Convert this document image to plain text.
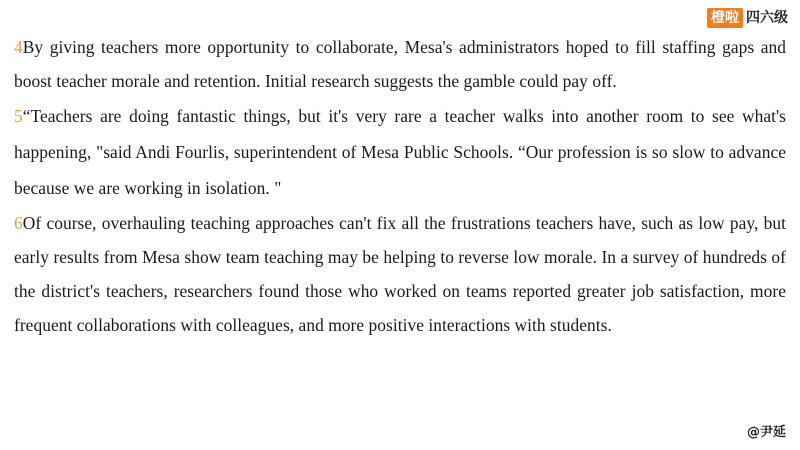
橙啦 四六级

4By giving teachers more opportunity to collaborate, Mesa's administrators hoped to fill staffing gaps and boost teacher morale and retention. Initial research suggests the gamble could pay off.

5“Teachers are doing fantastic things, but it's very rare a teacher walks into another room to see what's happening, "said Andi Fourlis, superintendent of Mesa Public Schools. “Our profession is so slow to advance because we are working in isolation. "

6Of course, overhauling teaching approaches can't fix all the frustrations teachers have, such as low pay, but early results from Mesa show team teaching may be helping to reverse low morale. In a survey of hundreds of the district's teachers, researchers found those who worked on teams reported greater job satisfaction, more frequent collaborations with colleagues, and more positive interactions with students.

@尹延
